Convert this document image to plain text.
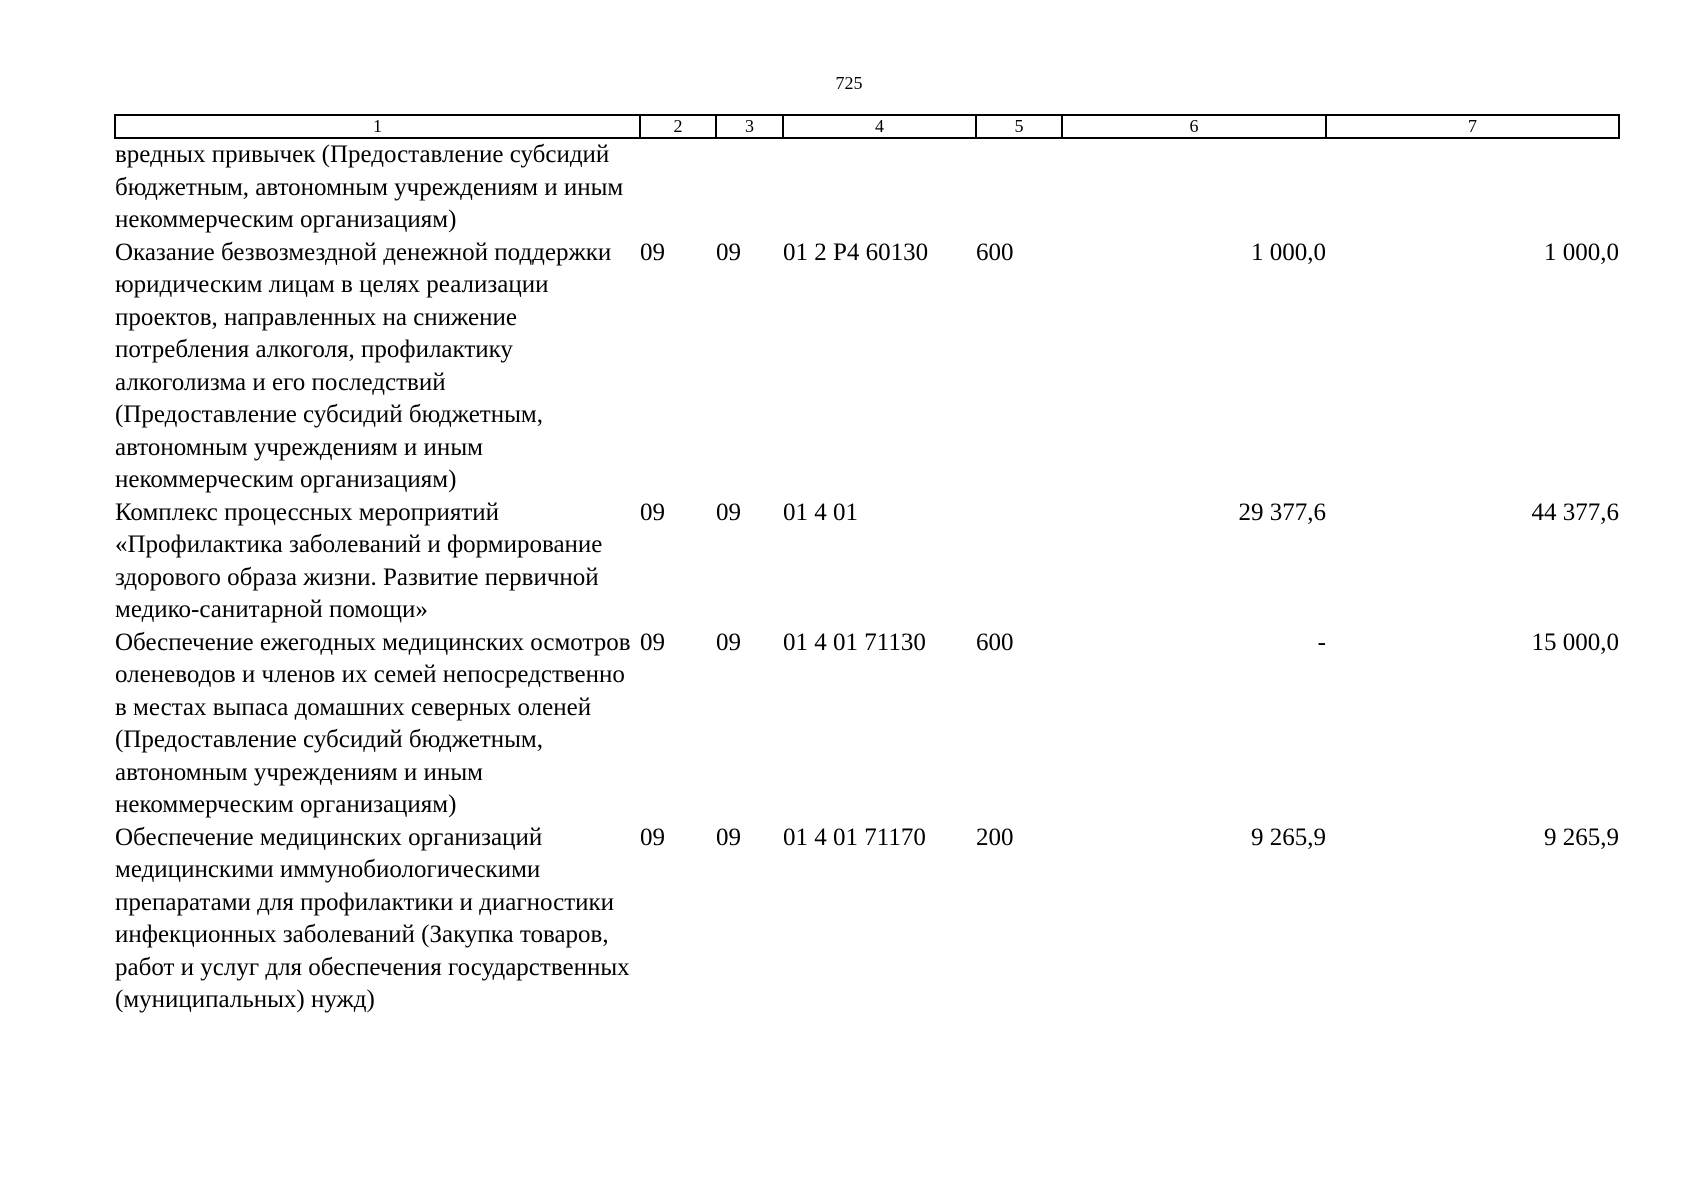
725
1	2	3	4	5	6	7
вредных привычек (Предоставление субсидий бюджетным, автономным учреждениям и иным некоммерческим организациям)						
Оказание безвозмездной денежной поддержки юридическим лицам в целях реализации проектов, направленных на снижение потребления алкоголя, профилактику алкоголизма и его последствий (Предоставление субсидий бюджетным, автономным учреждениям и иным некоммерческим организациям)	09	09	01 2 Р4 60130	600	1 000,0	1 000,0
Комплекс процессных мероприятий «Профилактика заболеваний и формирование здорового образа жизни. Развитие первичной медико-санитарной помощи»	09	09	01 4 01		29 377,6	44 377,6
Обеспечение ежегодных медицинских осмотров оленеводов и членов их семей непосредственно в местах выпаса домашних северных оленей (Предоставление субсидий бюджетным, автономным учреждениям и иным некоммерческим организациям)	09	09	01 4 01 71130	600	-	15 000,0
Обеспечение медицинских организаций медицинскими иммунобиологическими препаратами для профилактики и диагностики инфекционных заболеваний (Закупка товаров, работ и услуг для обеспечения государственных (муниципальных) нужд)	09	09	01 4 01 71170	200	9 265,9	9 265,9
